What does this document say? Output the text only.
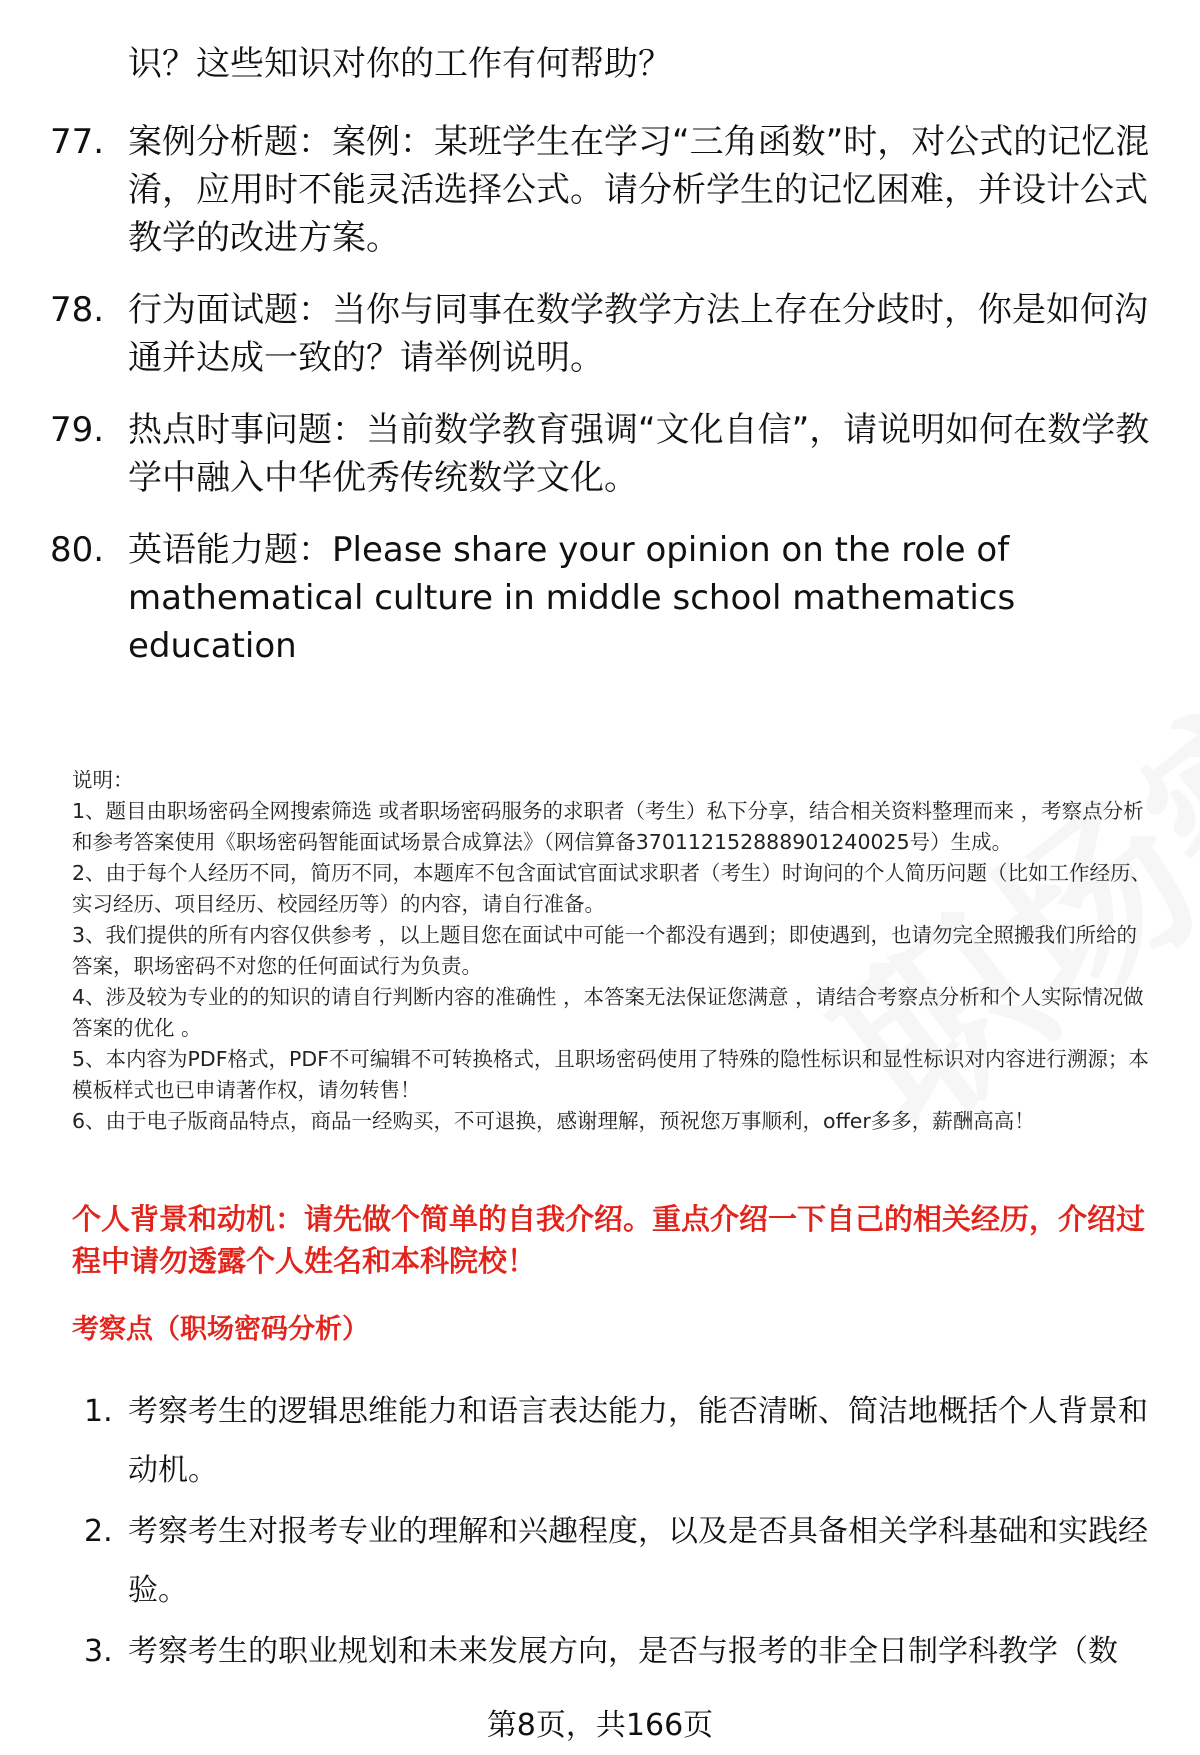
识？这些知识对你的工作有何帮助？
77. 案例分析题：案例：某班学生在学习“三角函数”时，对公式的记忆混淆，应用时不能灵活选择公式。请分析学生的记忆困难，并设计公式教学的改进方案。
78. 行为面试题：当你与同事在数学教学方法上存在分歧时，你是如何沟通并达成一致的？请举例说明。
79. 热点时事问题：当前数学教育强调“文化自信”，请说明如何在数学教学中融入中华优秀传统数学文化。
80. 英语能力题：Please share your opinion on the role of mathematical culture in middle school mathematics education

说明：

1、题目由职场密码全网搜索筛选 或者职场密码服务的求职者（考生）私下分享，结合相关资料整理而来 ，考察点分析和参考答案使用《职场密码智能面试场景合成算法》（网信算备370112152888901240025号）生成。

2、由于每个人经历不同，简历不同，本题库不包含面试官面试求职者（考生）时询问的个人简历问题（比如工作经历、实习经历、项目经历、校园经历等）的内容，请自行准备。

3、我们提供的所有内容仅供参考 ，以上题目您在面试中可能一个都没有遇到；即使遇到，也请勿完全照搬我们所给的答案，职场密码不对您的任何面试行为负责。

4、涉及较为专业的的知识的请自行判断内容的准确性 ，本答案无法保证您满意 ，请结合考察点分析和个人实际情况做答案的优化 。

5、本内容为PDF格式，PDF不可编辑不可转换格式，且职场密码使用了特殊的隐性标识和显性标识对内容进行溯源；本模板样式也已申请著作权，请勿转售！

6、由于电子版商品特点，商品一经购买，不可退换，感谢理解，预祝您万事顺利，offer多多，薪酬高高！

个人背景和动机：请先做个简单的自我介绍。重点介绍一下自己的相关经历，介绍过程中请勿透露个人姓名和本科院校！
考察点（职场密码分析）
1. 考察考生的逻辑思维能力和语言表达能力，能否清晰、简洁地概括个人背景和动机。
2. 考察考生对报考专业的理解和兴趣程度，以及是否具备相关学科基础和实践经验。
3. 考察考生的职业规划和未来发展方向，是否与报考的非全日制学科教学（数
第8页，共166页
